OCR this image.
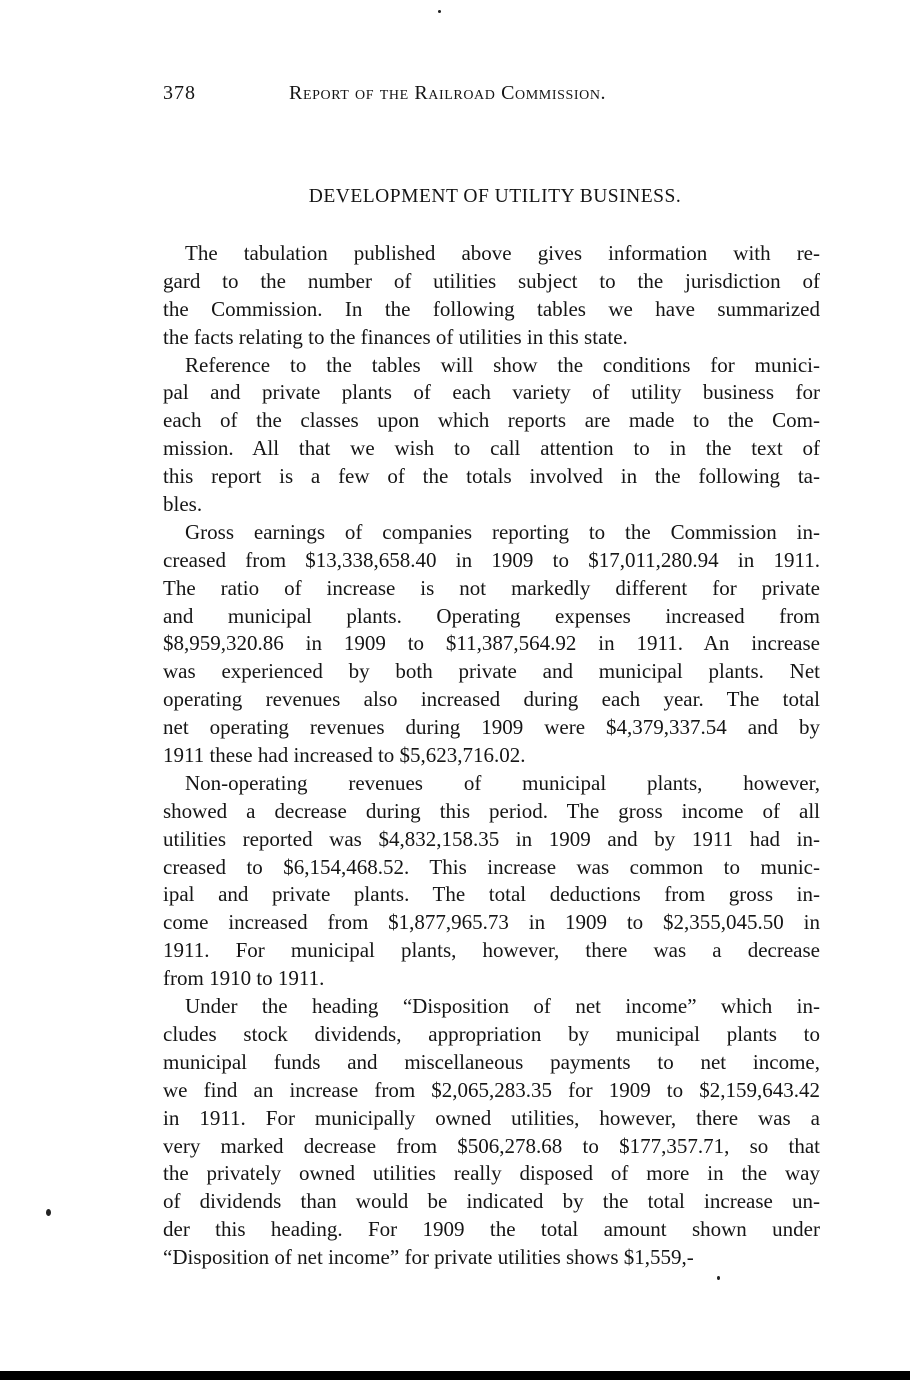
378	Report of the Railroad Commission.
DEVELOPMENT OF UTILITY BUSINESS.
The tabulation published above gives information with re-
gard to the number of utilities subject to the jurisdiction of
the Commission. In the following tables we have summarized
the facts relating to the finances of utilities in this state.
Reference to the tables will show the conditions for munici-
pal and private plants of each variety of utility business for
each of the classes upon which reports are made to the Com-
mission. All that we wish to call attention to in the text of
this report is a few of the totals involved in the following ta-
bles.
Gross earnings of companies reporting to the Commission in-
creased from $13,338,658.40 in 1909 to $17,011,280.94 in 1911.
The ratio of increase is not markedly different for private
and municipal plants. Operating expenses increased from
$8,959,320.86 in 1909 to $11,387,564.92 in 1911. An increase
was experienced by both private and municipal plants. Net
operating revenues also increased during each year. The total
net operating revenues during 1909 were $4,379,337.54 and by
1911 these had increased to $5,623,716.02.
Non-operating revenues of municipal plants, however,
showed a decrease during this period. The gross income of all
utilities reported was $4,832,158.35 in 1909 and by 1911 had in-
creased to $6,154,468.52. This increase was common to munic-
ipal and private plants. The total deductions from gross in-
come increased from $1,877,965.73 in 1909 to $2,355,045.50 in
1911. For municipal plants, however, there was a decrease
from 1910 to 1911.
Under the heading “Disposition of net income” which in-
cludes stock dividends, appropriation by municipal plants to
municipal funds and miscellaneous payments to net income,
we find an increase from $2,065,283.35 for 1909 to $2,159,643.42
in 1911. For municipally owned utilities, however, there was a
very marked decrease from $506,278.68 to $177,357.71, so that
the privately owned utilities really disposed of more in the way
of dividends than would be indicated by the total increase un-
der this heading. For 1909 the total amount shown under
“Disposition of net income” for private utilities shows $1,559,-
